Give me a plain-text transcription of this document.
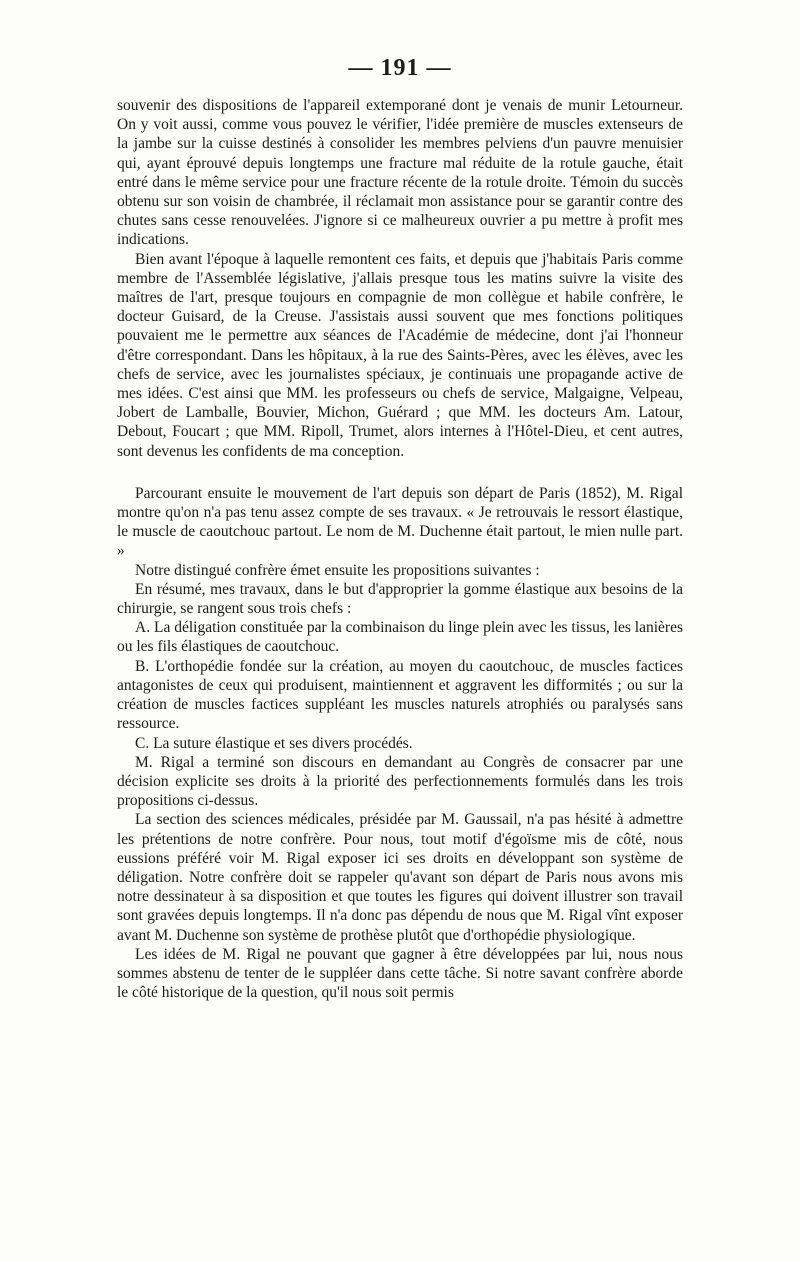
— 191 —

souvenir des dispositions de l'appareil extemporané dont je venais de munir Letourneur. On y voit aussi, comme vous pouvez le vérifier, l'idée première de muscles extenseurs de la jambe sur la cuisse destinés à consolider les membres pelviens d'un pauvre menuisier qui, ayant éprouvé depuis longtemps une fracture mal réduite de la rotule gauche, était entré dans le même service pour une fracture récente de la rotule droite. Témoin du succès obtenu sur son voisin de chambrée, il réclamait mon assistance pour se garantir contre des chutes sans cesse renouvelées. J'ignore si ce malheureux ouvrier a pu mettre à profit mes indications.

Bien avant l'époque à laquelle remontent ces faits, et depuis que j'habitais Paris comme membre de l'Assemblée législative, j'allais presque tous les matins suivre la visite des maîtres de l'art, presque toujours en compagnie de mon collègue et habile confrère, le docteur Guisard, de la Creuse. J'assistais aussi souvent que mes fonctions politiques pouvaient me le permettre aux séances de l'Académie de médecine, dont j'ai l'honneur d'être correspondant. Dans les hôpitaux, à la rue des Saints-Pères, avec les élèves, avec les chefs de service, avec les journalistes spéciaux, je continuais une propagande active de mes idées. C'est ainsi que MM. les professeurs ou chefs de service, Malgaigne, Velpeau, Jobert de Lamballe, Bouvier, Michon, Guérard ; que MM. les docteurs Am. Latour, Debout, Foucart ; que MM. Ripoll, Trumet, alors internes à l'Hôtel-Dieu, et cent autres, sont devenus les confidents de ma conception.

Parcourant ensuite le mouvement de l'art depuis son départ de Paris (1852), M. Rigal montre qu'on n'a pas tenu assez compte de ses travaux. « Je retrouvais le ressort élastique, le muscle de caoutchouc partout. Le nom de M. Duchenne était partout, le mien nulle part. »

Notre distingué confrère émet ensuite les propositions suivantes :

En résumé, mes travaux, dans le but d'approprier la gomme élastique aux besoins de la chirurgie, se rangent sous trois chefs :

A. La déligation constituée par la combinaison du linge plein avec les tissus, les lanières ou les fils élastiques de caoutchouc.

B. L'orthopédie fondée sur la création, au moyen du caoutchouc, de muscles factices antagonistes de ceux qui produisent, maintiennent et aggravent les difformités ; ou sur la création de muscles factices suppléant les muscles naturels atrophiés ou paralysés sans ressource.

C. La suture élastique et ses divers procédés.

M. Rigal a terminé son discours en demandant au Congrès de consacrer par une décision explicite ses droits à la priorité des perfectionnements formulés dans les trois propositions ci-dessus.

La section des sciences médicales, présidée par M. Gaussail, n'a pas hésité à admettre les prétentions de notre confrère. Pour nous, tout motif d'égoïsme mis de côté, nous eussions préféré voir M. Rigal exposer ici ses droits en développant son système de déligation. Notre confrère doit se rappeler qu'avant son départ de Paris nous avons mis notre dessinateur à sa disposition et que toutes les figures qui doivent illustrer son travail sont gravées depuis longtemps. Il n'a donc pas dépendu de nous que M. Rigal vînt exposer avant M. Duchenne son système de prothèse plutôt que d'orthopédie physiologique.

Les idées de M. Rigal ne pouvant que gagner à être développées par lui, nous nous sommes abstenu de tenter de le suppléer dans cette tâche. Si notre savant confrère aborde le côté historique de la question, qu'il nous soit permis
